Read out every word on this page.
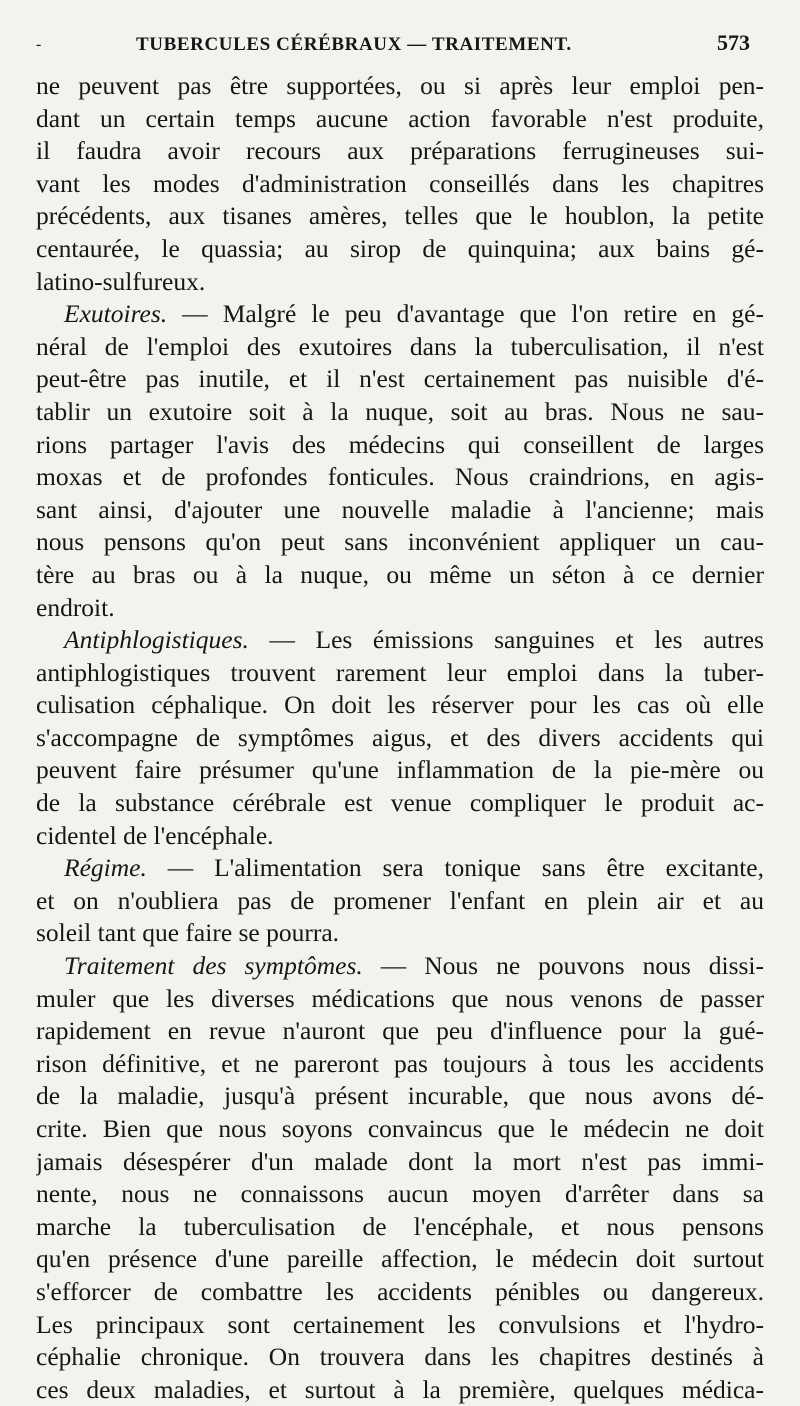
-	TUBERCULES CÉRÉBRAUX — TRAITEMENT.	573
ne peuvent pas être supportées, ou si après leur emploi pen-
dant un certain temps aucune action favorable n'est produite,
il faudra avoir recours aux préparations ferrugineuses sui-
vant les modes d'administration conseillés dans les chapitres
précédents, aux tisanes amères, telles que le houblon, la petite
centaurée, le quassia; au sirop de quinquina; aux bains gé-
latino-sulfureux.
Exutoires. — Malgré le peu d'avantage que l'on retire en gé-
néral de l'emploi des exutoires dans la tuberculisation, il n'est
peut-être pas inutile, et il n'est certainement pas nuisible d'é-
tablir un exutoire soit à la nuque, soit au bras. Nous ne sau-
rions partager l'avis des médecins qui conseillent de larges
moxas et de profondes fonticules. Nous craindrions, en agis-
sant ainsi, d'ajouter une nouvelle maladie à l'ancienne; mais
nous pensons qu'on peut sans inconvénient appliquer un cau-
tère au bras ou à la nuque, ou même un séton à ce dernier
endroit.
Antiphlogistiques. — Les émissions sanguines et les autres
antiphlogistiques trouvent rarement leur emploi dans la tuber-
culisation céphalique. On doit les réserver pour les cas où elle
s'accompagne de symptômes aigus, et des divers accidents qui
peuvent faire présumer qu'une inflammation de la pie-mère ou
de la substance cérébrale est venue compliquer le produit ac-
cidentel de l'encéphale.
Régime. — L'alimentation sera tonique sans être excitante,
et on n'oubliera pas de promener l'enfant en plein air et au
soleil tant que faire se pourra.
Traitement des symptômes. — Nous ne pouvons nous dissi-
muler que les diverses médications que nous venons de passer
rapidement en revue n'auront que peu d'influence pour la gué-
rison définitive, et ne pareront pas toujours à tous les accidents
de la maladie, jusqu'à présent incurable, que nous avons dé-
crite. Bien que nous soyons convaincus que le médecin ne doit
jamais désespérer d'un malade dont la mort n'est pas immi-
nente, nous ne connaissons aucun moyen d'arrêter dans sa
marche la tuberculisation de l'encéphale, et nous pensons
qu'en présence d'une pareille affection, le médecin doit surtout
s'efforcer de combattre les accidents pénibles ou dangereux.
Les principaux sont certainement les convulsions et l'hydro-
céphalie chronique. On trouvera dans les chapitres destinés à
ces deux maladies, et surtout à la première, quelques médica-
